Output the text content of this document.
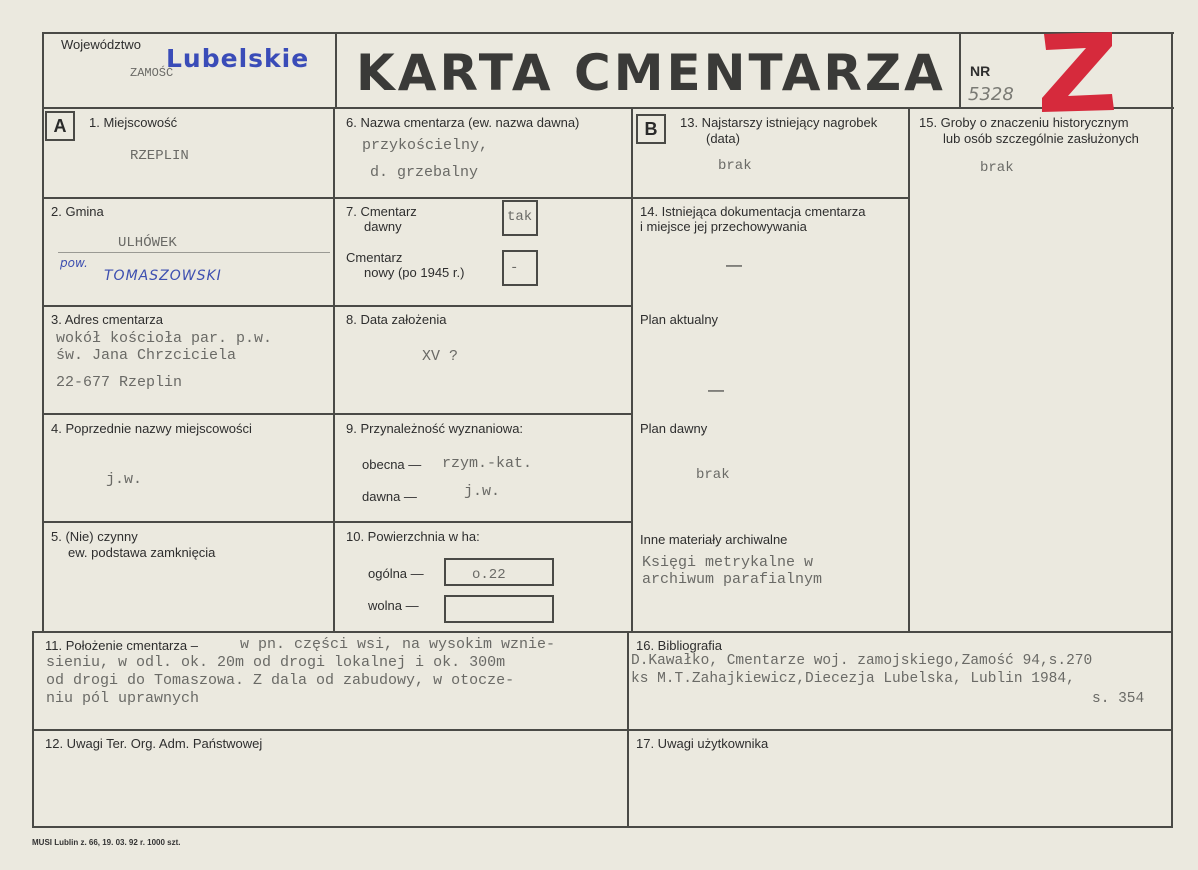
Województwo
ZAMOŚĆ
Lubelskie KARTA CMENTARZA NR
5328
A	1. Miejscowość
RZEPLIN
2. Gmina
ULHÓWEK
pow.
TOMASZOWSKI
3. Adres cmentarza
wokół kościoła par. p.w.
św. Jana Chrzciciela
22-677 Rzeplin
4. Poprzednie nazwy miejscowości
j.w.
5. (Nie) czynny
ew. podstawa zamknięcia
6. Nazwa cmentarza (ew. nazwa dawna)
przykościelny,
d. grzebalny
7. Cmentarz
dawny
tak
Cmentarz
nowy (po 1945 r.)	-
8. Data założenia
XV ?
9. Przynależność wyznaniowa:
obecna — rzym.-kat.
dawna —	j.w.
10. Powierzchnia w ha:
ogólna —	o.22
wolna —
B	13. Najstarszy istniejący nagrobek
(data)
brak
14. Istniejąca dokumentacja cmentarza
i miejsce jej przechowywania
—
Plan aktualny
—
Plan dawny
brak
Inne materiały archiwalne
Księgi metrykalne w
archiwum parafialnym
15. Groby o znaczeniu historycznym
lub osób szczególnie zasłużonych
brak
11. Położenie cmentarza –	w pn. części wsi, na wysokim wznie-
sieniu, w odl. ok. 20m od drogi lokalnej i ok. 300m
od drogi do Tomaszowa. Z dala od zabudowy, w otocze-
niu pól uprawnych
16. Bibliografia
D.Kawałko, Cmentarze woj. zamojskiego,Zamość 94,s.270
ks M.T.Zahajkiewicz,Diecezja Lubelska, Lublin 1984,
s. 354
12. Uwagi Ter. Org. Adm. Państwowej	17. Uwagi użytkownika
MUSI Lublin z. 66, 19. 03. 92 r. 1000 szt.
